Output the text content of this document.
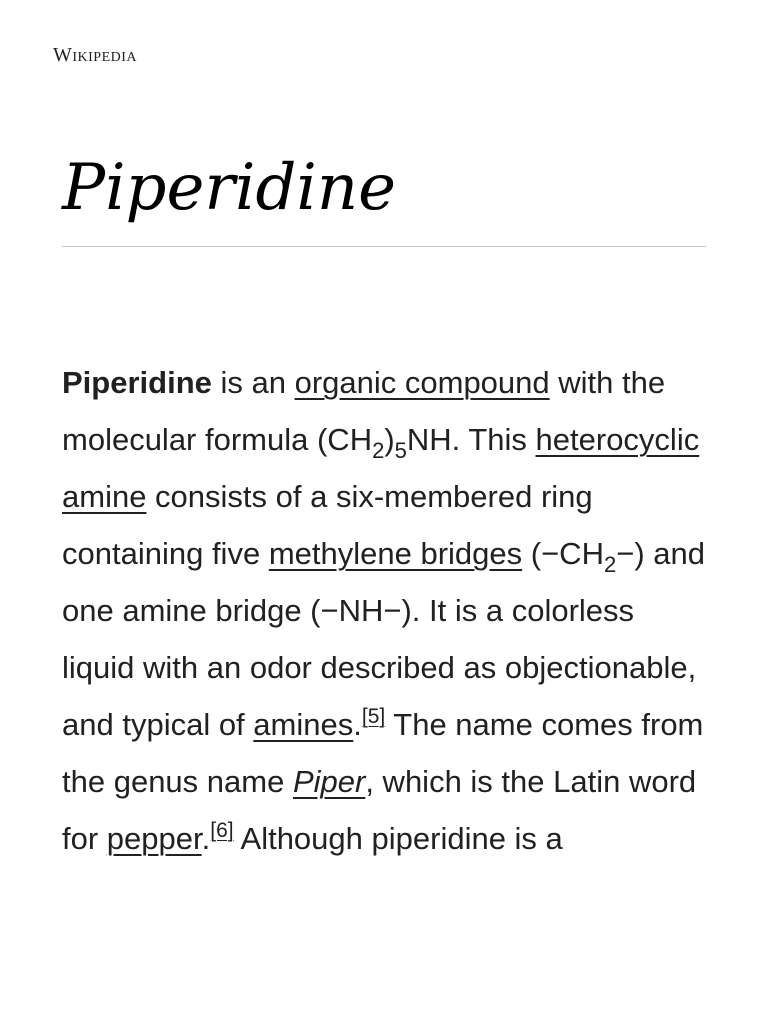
Wikipedia
Piperidine

Piperidine is an organic compound with the molecular formula $(CH_2)_5NH$. This heterocyclic amine consists of a six-membered ring containing five methylene bridges $(-CH_2-)$ and one amine bridge (−NH−). It is a colorless liquid with an odor described as objectionable, and typical of amines.[5] The name comes from the genus name Piper, which is the Latin word for pepper.[6] Although piperidine is a
